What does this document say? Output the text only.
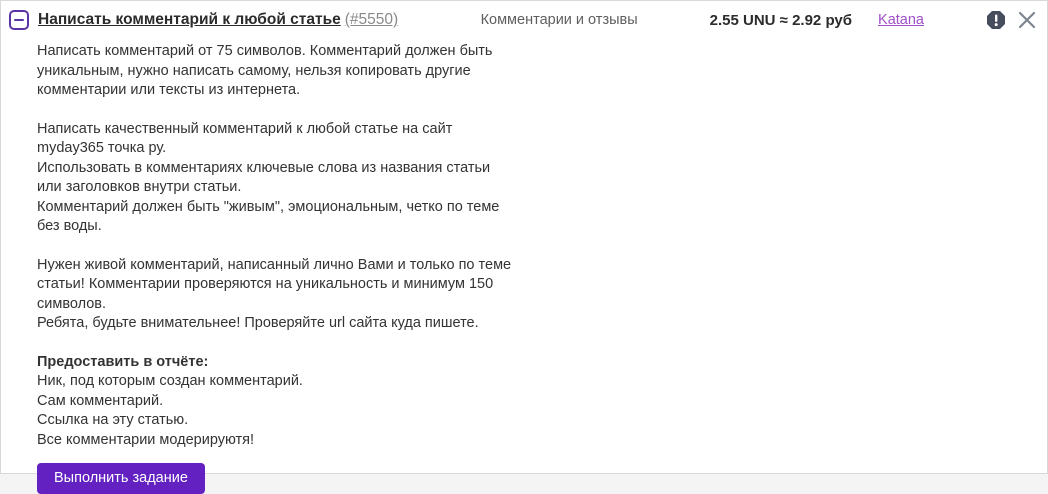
Написать комментарий к любой статье (#5550)	Комментарии и отзывы	2.55 UNU ≈ 2.92 руб Katana
Написать комментарий от 75 символов. Комментарий должен быть уникальным, нужно написать самому, нельзя копировать другие комментарии или тексты из интернета.
Написать качественный комментарий к любой статье на сайт myday365 точка ру.
Использовать в комментариях ключевые слова из названия статьи или заголовков внутри статьи.
Комментарий должен быть "живым", эмоциональным, четко по теме без воды.
Нужен живой комментарий, написанный лично Вами и только по теме статьи! Комментарии проверяются на уникальность и минимум 150 символов.
Ребята, будьте внимательнее! Проверяйте url сайта куда пишете.
Предоставить в отчёте:
Ник, под которым создан комментарий.
Сам комментарий.
Ссылка на эту статью.
Все комментарии модерируютя!
Выполнить задание
